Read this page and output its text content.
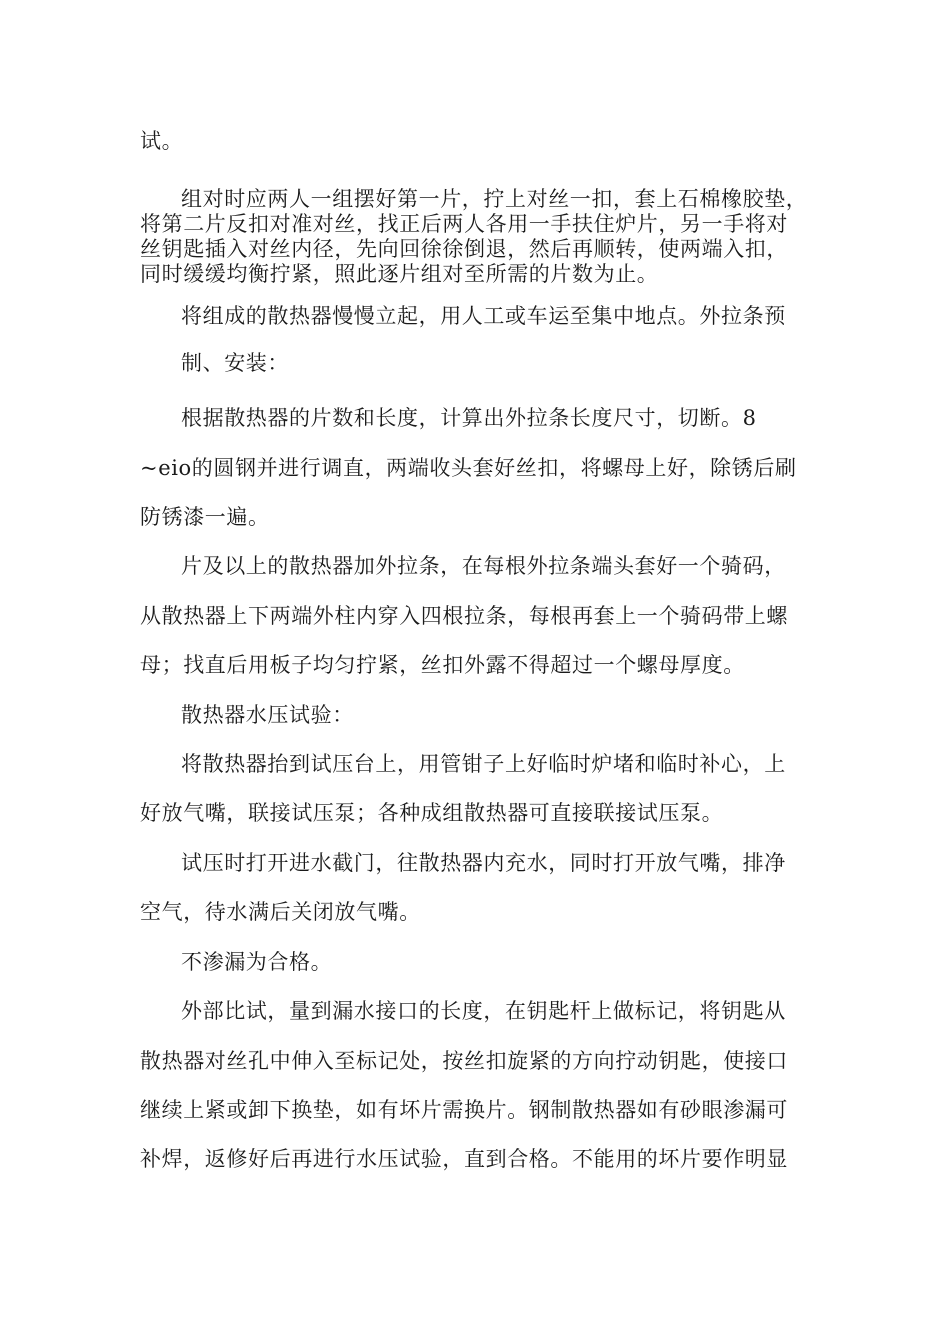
试。
组对时应两人一组摆好第一片，拧上对丝一扣，套上石棉橡胶垫，
将第二片反扣对准对丝，找正后两人各用一手扶住炉片，另一手将对
丝钥匙插入对丝内径，先向回徐徐倒退，然后再顺转，使两端入扣，
同时缓缓均衡拧紧，照此逐片组对至所需的片数为止。
将组成的散热器慢慢立起，用人工或车运至集中地点。外拉条预
制、安装：
根据散热器的片数和长度，计算出外拉条长度尺寸，切断。8
~eio的圆钢并进行调直，两端收头套好丝扣，将螺母上好，除锈后刷
防锈漆一遍。
片及以上的散热器加外拉条，在每根外拉条端头套好一个骑码，
从散热器上下两端外柱内穿入四根拉条，每根再套上一个骑码带上螺
母；找直后用板子均匀拧紧，丝扣外露不得超过一个螺母厚度。
散热器水压试验：
将散热器抬到试压台上，用管钳子上好临时炉堵和临时补心，上
好放气嘴，联接试压泵；各种成组散热器可直接联接试压泵。
试压时打开进水截门，往散热器内充水，同时打开放气嘴，排净
空气，待水满后关闭放气嘴。
不渗漏为合格。
外部比试，量到漏水接口的长度，在钥匙杆上做标记，将钥匙从
散热器对丝孔中伸入至标记处，按丝扣旋紧的方向拧动钥匙，使接口
继续上紧或卸下换垫，如有坏片需换片。钢制散热器如有砂眼渗漏可
补焊，返修好后再进行水压试验，直到合格。不能用的坏片要作明显
